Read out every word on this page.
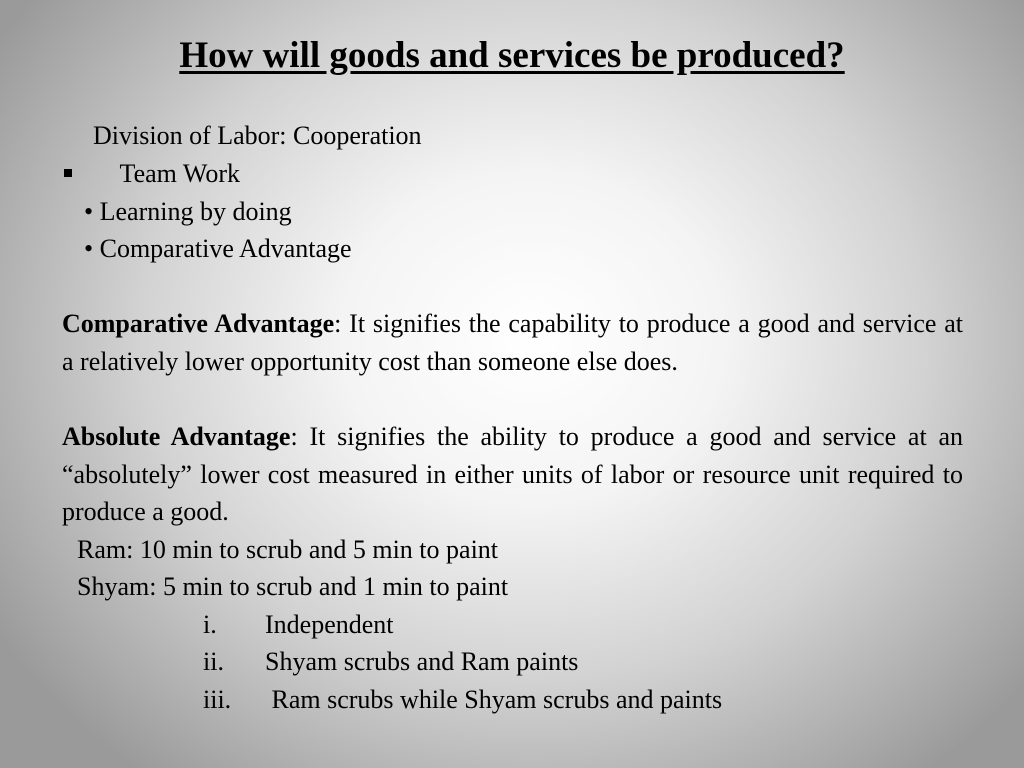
How will goods and services be produced?
Division of Labor: Cooperation
Team Work
• Learning by doing
• Comparative Advantage
Comparative Advantage: It signifies the capability to produce a good and service at a relatively lower opportunity cost than someone else does.
Absolute Advantage: It signifies the ability to produce a good and service at an “absolutely” lower cost measured in either units of labor or resource unit required to produce a good.
Ram: 10 min to scrub and 5 min to paint
Shyam: 5 min to scrub and 1 min to paint
i. Independent
ii. Shyam scrubs and Ram paints
iii. Ram scrubs while Shyam scrubs and paints
